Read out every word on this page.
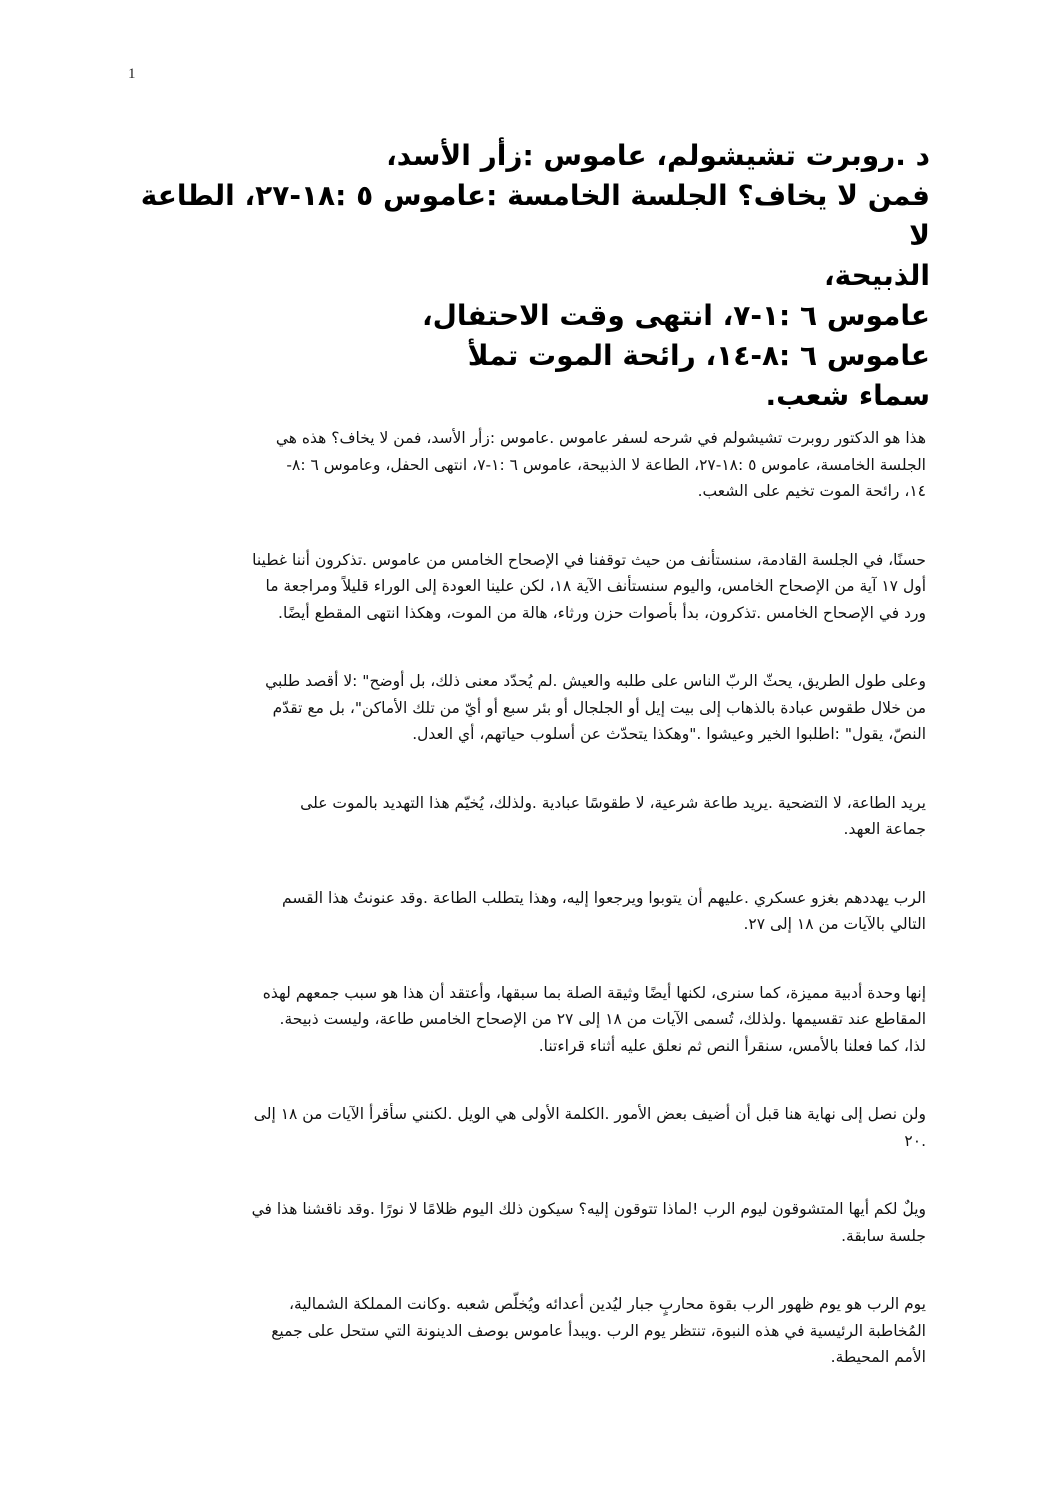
1
د .روبرت تشيشولم، عاموس :زأر الأسد،
فمن لا يخاف؟ الجلسة الخامسة :عاموس ٥ :١٨-٢٧، الطاعة لا
الذبيحة،
عاموس ٦ :١-٧، انتهى وقت الاحتفال،
عاموس ٦ :٨-١٤، رائحة الموت تملأ
سماء شعب.

هذا هو الدكتور روبرت تشيشولم في شرحه لسفر عاموس .عاموس :زأر الأسد، فمن لا يخاف؟ هذه هي
الجلسة الخامسة، عاموس ٥ :١٨-٢٧، الطاعة لا الذبيحة، عاموس ٦ :١-٧، انتهى الحفل، وعاموس ٦ :٨-
١٤، رائحة الموت تخيم على الشعب.

حسنًا، في الجلسة القادمة، سنستأنف من حيث توقفنا في الإصحاح الخامس من عاموس .تذكرون أننا غطينا
أول ١٧ آية من الإصحاح الخامس، واليوم سنستأنف الآية ١٨، لكن علينا العودة إلى الوراء قليلاً ومراجعة ما
ورد في الإصحاح الخامس .تذكرون، بدأ بأصوات حزن ورثاء، هالة من الموت، وهكذا انتهى المقطع أيضًا.

وعلى طول الطريق، يحثّ الربّ الناس على طلبه والعيش .لم يُحدّد معنى ذلك، بل أوضح" :لا أقصد طلبي
من خلال طقوس عبادة بالذهاب إلى بيت إيل أو الجلجال أو بئر سبع أو أيّ من تلك الأماكن"، بل مع تقدّم
النصّ، يقول" :اطلبوا الخير وعيشوا ."وهكذا يتحدّث عن أسلوب حياتهم، أي العدل.

يريد الطاعة، لا التضحية .يريد طاعة شرعية، لا طقوسًا عبادية .ولذلك، يُخيّم هذا التهديد بالموت على
جماعة العهد.

الرب يهددهم بغزو عسكري .عليهم أن يتوبوا ويرجعوا إليه، وهذا يتطلب الطاعة .وقد عنونتُ هذا القسم
التالي بالآيات من ١٨ إلى ٢٧.

إنها وحدة أدبية مميزة، كما سنرى، لكنها أيضًا وثيقة الصلة بما سبقها، وأعتقد أن هذا هو سبب جمعهم لهذه
المقاطع عند تقسيمها .ولذلك، تُسمى الآيات من ١٨ إلى ٢٧ من الإصحاح الخامس طاعة، وليست ذبيحة.
لذا، كما فعلنا بالأمس، سنقرأ النص ثم نعلق عليه أثناء قراءتنا.

ولن نصل إلى نهاية هنا قبل أن أضيف بعض الأمور .الكلمة الأولى هي الويل .لكنني سأقرأ الآيات من ١٨ إلى
٢٠.

ويلٌ لكم أيها المتشوقون ليوم الرب !لماذا تتوقون إليه؟ سيكون ذلك اليوم ظلامًا لا نورًا .وقد ناقشنا هذا في
جلسة سابقة.

يوم الرب هو يوم ظهور الرب بقوة محاربٍ جبار ليُدين أعدائه ويُخلّص شعبه .وكانت المملكة الشمالية،
المُخاطبة الرئيسية في هذه النبوة، تنتظر يوم الرب .ويبدأ عاموس بوصف الدينونة التي ستحل على جميع
الأمم المحيطة.
